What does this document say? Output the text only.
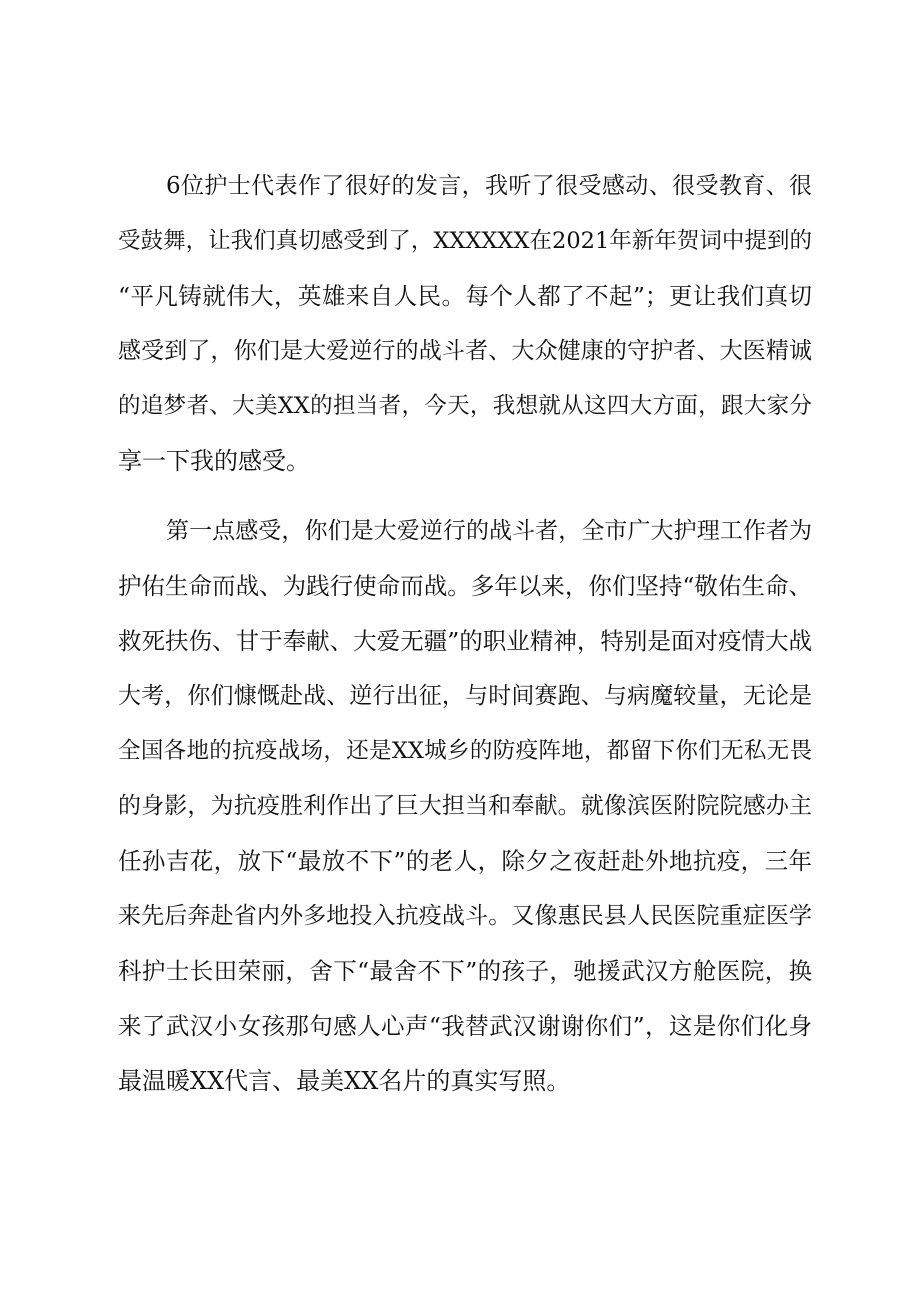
6位护士代表作了很好的发言，我听了很受感动、很受教育、很
受鼓舞，让我们真切感受到了，XXXXXX在2021年新年贺词中提到的
“平凡铸就伟大，英雄来自人民。每个人都了不起”；更让我们真切
感受到了，你们是大爱逆行的战斗者、大众健康的守护者、大医精诚
的追梦者、大美XX的担当者，今天，我想就从这四大方面，跟大家分
享一下我的感受。
第一点感受，你们是大爱逆行的战斗者，全市广大护理工作者为
护佑生命而战、为践行使命而战。多年以来，你们坚持“敬佑生命、
救死扶伤、甘于奉献、大爱无疆”的职业精神，特别是面对疫情大战
大考，你们慷慨赴战、逆行出征，与时间赛跑、与病魔较量，无论是
全国各地的抗疫战场，还是XX城乡的防疫阵地，都留下你们无私无畏
的身影，为抗疫胜利作出了巨大担当和奉献。就像滨医附院院感办主
任孙吉花，放下“最放不下”的老人，除夕之夜赶赴外地抗疫，三年
来先后奔赴省内外多地投入抗疫战斗。又像惠民县人民医院重症医学
科护士长田荣丽，舍下“最舍不下”的孩子，驰援武汉方舱医院，换
来了武汉小女孩那句感人心声“我替武汉谢谢你们”，这是你们化身
最温暖XX代言、最美XX名片的真实写照。
